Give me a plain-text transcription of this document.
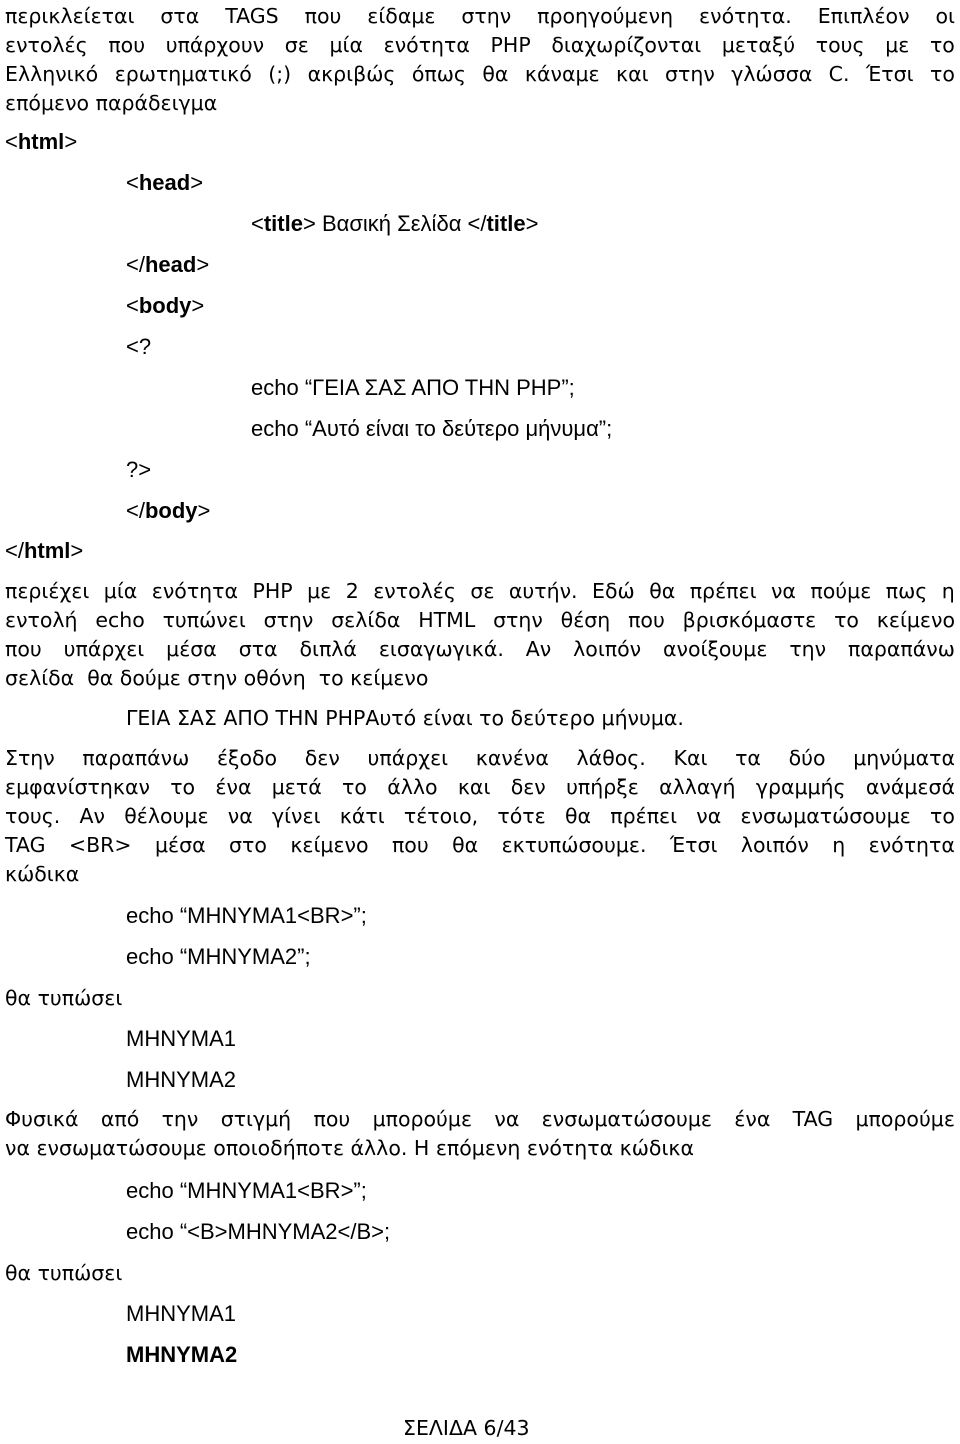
περικλείεται στα TAGS που είδαμε στην προηγούμενη ενότητα. Επιπλέον οι
εντολές που υπάρχουν σε μία ενότητα PHP διαχωρίζονται μεταξύ τους με το
Ελληνικό ερωτηματικό (;) ακριβώς όπως θα κάναμε και στην γλώσσα C. Έτσι το
επόμενο παράδειγμα
<html>
<head>
<title> Βασική Σελίδα </title>
</head>
<body>
<?
echo “ΓΕΙΑ ΣΑΣ ΑΠΟ ΤΗΝ PHP”;
echo “Αυτό είναι το δεύτερο μήνυμα”;
?>
</body>
</html>
περιέχει μία ενότητα PHP με 2 εντολές σε αυτήν. Εδώ θα πρέπει να πούμε πως η
εντολή echo τυπώνει στην σελίδα HTML στην θέση που βρισκόμαστε το κείμενο
που υπάρχει μέσα στα διπλά εισαγωγικά. Αν λοιπόν ανοίξουμε την παραπάνω
σελίδα  θα δούμε στην οθόνη  το κείμενο
ΓΕΙΑ ΣΑΣ ΑΠΟ ΤΗΝ PHPΑυτό είναι το δεύτερο μήνυμα.
Στην παραπάνω έξοδο δεν υπάρχει κανένα λάθος. Και τα δύο μηνύματα
εμφανίστηκαν το ένα μετά το άλλο και δεν υπήρξε αλλαγή γραμμής ανάμεσά
τους. Αν θέλουμε να γίνει κάτι τέτοιο, τότε θα πρέπει να ενσωματώσουμε το
TAG <BR> μέσα στο κείμενο που θα εκτυπώσουμε. Έτσι λοιπόν η ενότητα
κώδικα
echo “ΜΗΝΥΜΑ1<BR>”;
echo “ΜΗΝΥΜΑ2”;
θα τυπώσει
ΜΗΝΥΜΑ1
ΜΗΝΥΜΑ2
Φυσικά από την στιγμή που μπορούμε να ενσωματώσουμε ένα TAG μπορούμε
να ενσωματώσουμε οποιοδήποτε άλλο. Η επόμενη ενότητα κώδικα
echo “ΜΗΝΥΜΑ1<BR>”;
echo “<B>ΜΗΝΥΜΑ2</B>;
θα τυπώσει
ΜΗΝΥΜΑ1
ΜΗΝΥΜΑ2
ΣΕΛΙΔΑ 6/43
